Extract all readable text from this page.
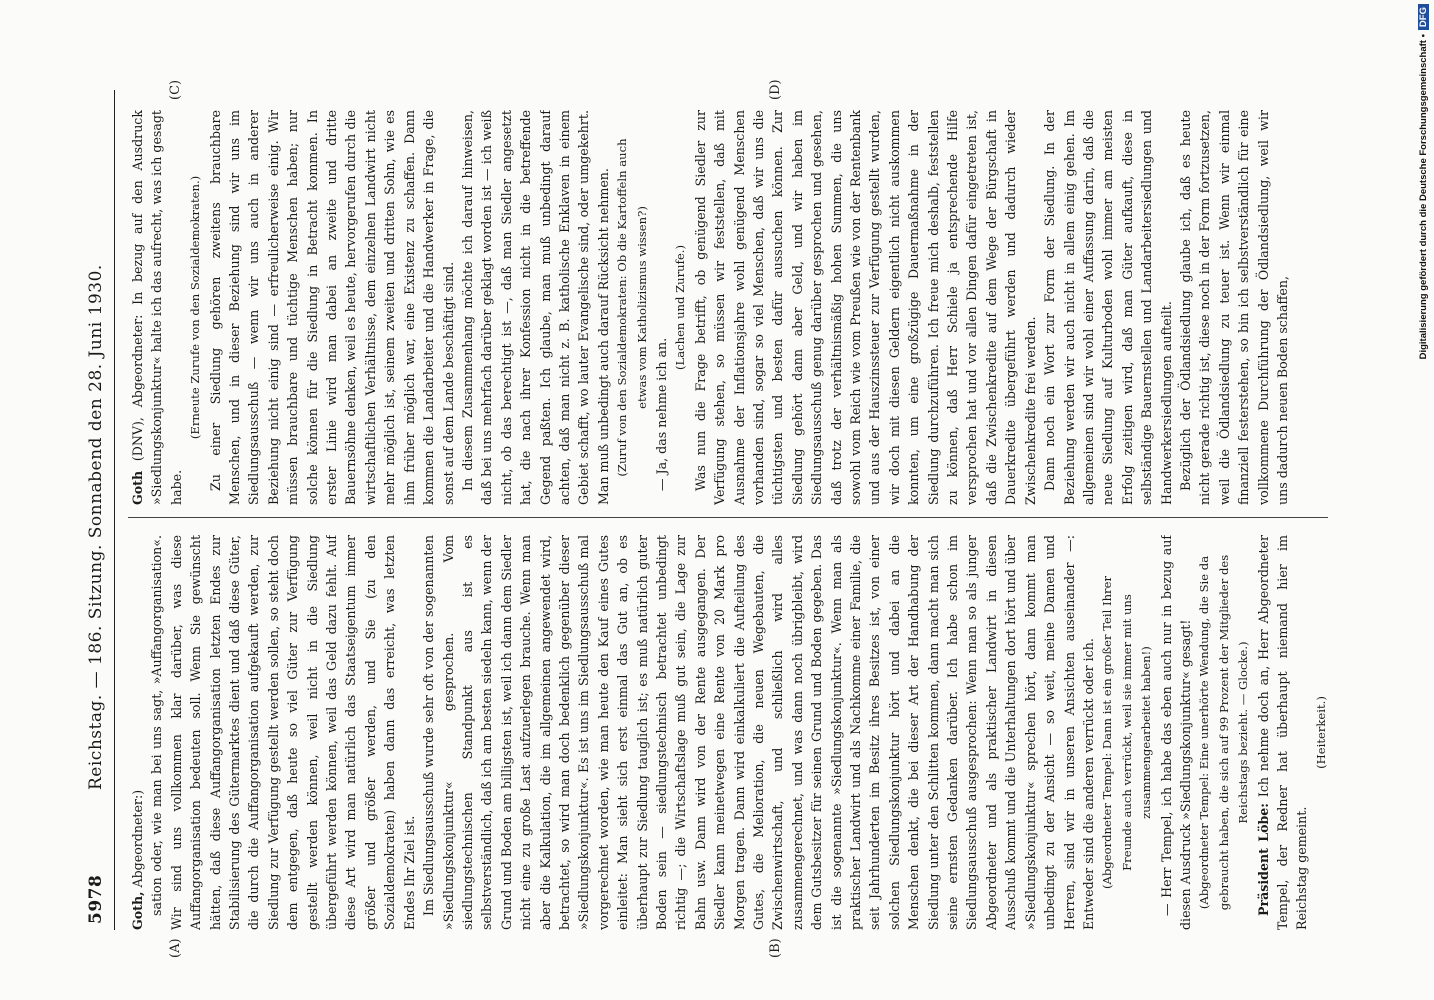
5978
Reichstag. — 186. Sitzung. Sonnabend den 28. Juni 1930.
(A)	(B)
(C)	(D)

Goth, Abgeordneter:) sation oder, wie man bei uns sagt, »Auffangorganisation«. Wir sind uns vollkommen klar darüber, was diese Auffangorganisation bedeuten soll. Wenn Sie gewünscht hätten, daß diese Auffangorganisation letzten Endes zur Stabilisierung des Gütermarktes dient und daß diese Güter, die durch die Auffangorganisation aufgekauft werden, zur Siedlung zur Verfügung gestellt werden sollen, so steht doch dem entgegen, daß heute so viel Güter zur Verfügung gestellt werden können, weil nicht in die Siedlung übergeführt werden können, weil das Geld dazu fehlt. Auf diese Art wird man natürlich das Staatseigentum immer größer und größer werden, und Sie (zu den Sozialdemokraten) haben dann das erreicht, was letzten Endes Ihr Ziel ist. Im Siedlungsausschuß wurde sehr oft von der sogenannten »Siedlungskonjunktur« gesprochen. Vom siedlungstechnischen Standpunkt aus ist es selbstverständlich, daß ich am besten siedeln kann, wenn der Grund und Boden am billigsten ist, weil ich dann dem Siedler nicht eine zu große Last aufzuerlegen brauche. Wenn man aber die Kalkulation, die im allgemeinen angewendet wird, betrachtet, so wird man doch bedenklich gegenüber dieser »Siedlungskonjunktur«. Es ist uns im Siedlungsausschuß mal vorgerechnet worden, wie man heute den Kauf eines Gutes einleitet: Man sieht sich erst einmal das Gut an, ob es überhaupt zur Siedlung tauglich ist; es muß natürlich guter Boden sein — siedlungstechnisch betrachtet unbedingt richtig —; die Wirtschaftslage muß gut sein, die Lage zur Bahn usw. Dann wird von der Rente ausgegangen. Der Siedler kann meinetwegen eine Rente von 20 Mark pro Morgen tragen. Dann wird einkalkuliert die Aufteilung des Gutes, die Melioration, die neuen Wegebauten, die Zwischenwirtschaft, und schließlich wird alles zusammengerechnet, und was dann noch übrigbleibt, wird dem Gutsbesitzer für seinen Grund und Boden gegeben. Das ist die sogenannte »Siedlungskonjunktur«. Wenn man als praktischer Landwirt und als Nachkomme einer Familie, die seit Jahrhunderten im Besitz ihres Besitzes ist, von einer solchen Siedlungskonjunktur hört und dabei an die Menschen denkt, die bei dieser Art der Handhabung der Siedlung unter den Schlitten kommen, dann macht man sich seine ernsten Gedanken darüber. Ich habe schon im Siedlungsausschuß ausgesprochen: Wenn man so als junger Abgeordneter und als praktischer Landwirt in diesen Ausschuß kommt und die Unterhaltungen dort hört und über »Siedlungskonjunktur« sprechen hört, dann kommt man unbedingt zu der Ansicht — so weit, meine Damen und Herren, sind wir in unseren Ansichten auseinander —: Entweder sind die anderen verrückt oder ich. (Abgeordneter Tempel: Dann ist ein großer Teil Ihrer Freunde auch verrückt, weil sie immer mit uns zusammengearbeitet haben!) — Herr Tempel, ich habe das eben auch nur in bezug auf diesen Ausdruck »Siedlungskonjunktur« gesagt! (Abgeordneter Tempel: Eine unerhörte Wendung, die Sie da gebraucht haben, die sich auf 99 Prozent der Mitglieder des Reichstags bezieht. — Glocke.)

Präsident Löbe: Ich nehme doch an, Herr Abgeordneter Tempel, der Redner hat überhaupt niemand hier im Reichstag gemeint.

(Heiterkeit.)

Goth (DNV), Abgeordneter: In bezug auf den Ausdruck »Siedlungskonjunktur« halte ich das aufrecht, was ich gesagt habe.

(Erneute Zurufe von den Sozialdemokraten.) Zu einer Siedlung gehören zweitens brauchbare Menschen, und in dieser Beziehung sind wir uns im Siedlungsausschuß — wenn wir uns auch in anderer Beziehung nicht einig sind — erfreulicherweise einig. Wir müssen brauchbare und tüchtige Menschen haben; nur solche können für die Siedlung in Betracht kommen. In erster Linie wird man dabei an zweite und dritte Bauernsöhne denken, weil es heute, hervorgerufen durch die wirtschaftlichen Verhältnisse, dem einzelnen Landwirt nicht mehr möglich ist, seinem zweiten und dritten Sohn, wie es ihm früher möglich war, eine Existenz zu schaffen. Dann kommen die Landarbeiter und die Handwerker in Frage, die sonst auf dem Lande beschäftigt sind. In diesem Zusammenhang möchte ich darauf hinweisen, daß bei uns mehrfach darüber geklagt worden ist — ich weiß nicht, ob das berechtigt ist —, daß man Siedler angesetzt hat, die nach ihrer Konfession nicht in die betreffende Gegend paßten. Ich glaube, man muß unbedingt darauf achten, daß man nicht z. B. katholische Enklaven in einem Gebiet schafft, wo lauter Evangelische sind, oder umgekehrt. Man muß unbedingt auch darauf Rücksicht nehmen. (Zuruf von den Sozialdemokraten: Ob die Kartoffeln auch etwas vom Katholizismus wissen?)

— Ja, das nehme ich an.

(Lachen und Zurufe.) Was nun die Frage betrifft, ob genügend Siedler zur Verfügung stehen, so müssen wir feststellen, daß mit Ausnahme der Inflationsjahre wohl genügend Menschen vorhanden sind, sogar so viel Menschen, daß wir uns die tüchtigsten und besten dafür aussuchen können. Zur Siedlung gehört dann aber Geld, und wir haben im Siedlungsausschuß genug darüber gesprochen und gesehen, daß trotz der verhältnismäßig hohen Summen, die uns sowohl vom Reich wie vom Preußen wie von der Rentenbank und aus der Hauszinssteuer zur Verfügung gestellt wurden, wir doch mit diesen Geldern eigentlich nicht auskommen konnten, um eine großzügige Dauermaßnahme in der Siedlung durchzuführen. Ich freue mich deshalb, feststellen zu können, daß Herr Schiele ja entsprechende Hilfe versprochen hat und vor allen Dingen dafür eingetreten ist, daß die Zwischenkredite auf dem Wege der Bürgschaft in Dauerkredite übergeführt werden und dadurch wieder Zwischenkredite frei werden. Dann noch ein Wort zur Form der Siedlung. In der Beziehung werden wir auch nicht in allem einig gehen. Im allgemeinen sind wir wohl einer Auffassung darin, daß die neue Siedlung auf Kulturboden wohl immer am meisten Erfolg zeitigen wird, daß man Güter aufkauft, diese in selbständige Bauernstellen und Landarbeitersiedlungen und Handwerkersiedlungen aufteilt. Bezüglich der Ödlandsiedlung glaube ich, daß es heute nicht gerade richtig ist, diese noch in der Form fortzusetzen, weil die Ödlandsiedlung zu teuer ist. Wenn wir einmal finanziell festerstehen, so bin ich selbstverständlich für eine vollkommene Durchführung der Ödlandsiedlung, weil wir uns dadurch neuen Boden schaffen,

Digitalisierung gefördert durch die Deutsche Forschungsgemeinschaft •DFG
